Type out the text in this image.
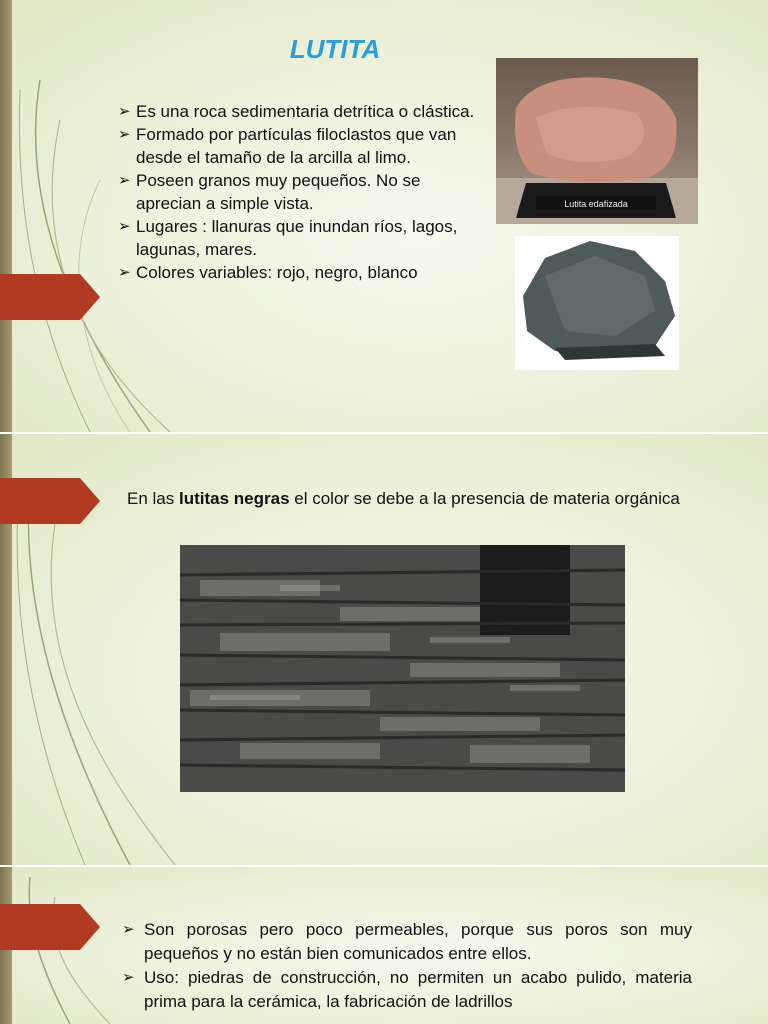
LUTITA
➢ Es una roca sedimentaria detrítica o clástica.
➢ Formado por partículas filoclastos que van desde el tamaño de la arcilla al limo.
➢ Poseen granos muy pequeños. No se aprecian a simple vista.
➢ Lugares : llanuras que inundan ríos, lagos, lagunas, mares.
➢ Colores variables: rojo, negro, blanco
Lutita edafizada

En las lutitas negras el color se debe a la presencia de materia orgánica

➢ Son porosas pero poco permeables, porque sus poros son muy pequeños y no están bien comunicados entre ellos.
➢ Uso: piedras de construcción, no permiten un acabo pulido, materia prima para la cerámica, la fabricación de ladrillos
